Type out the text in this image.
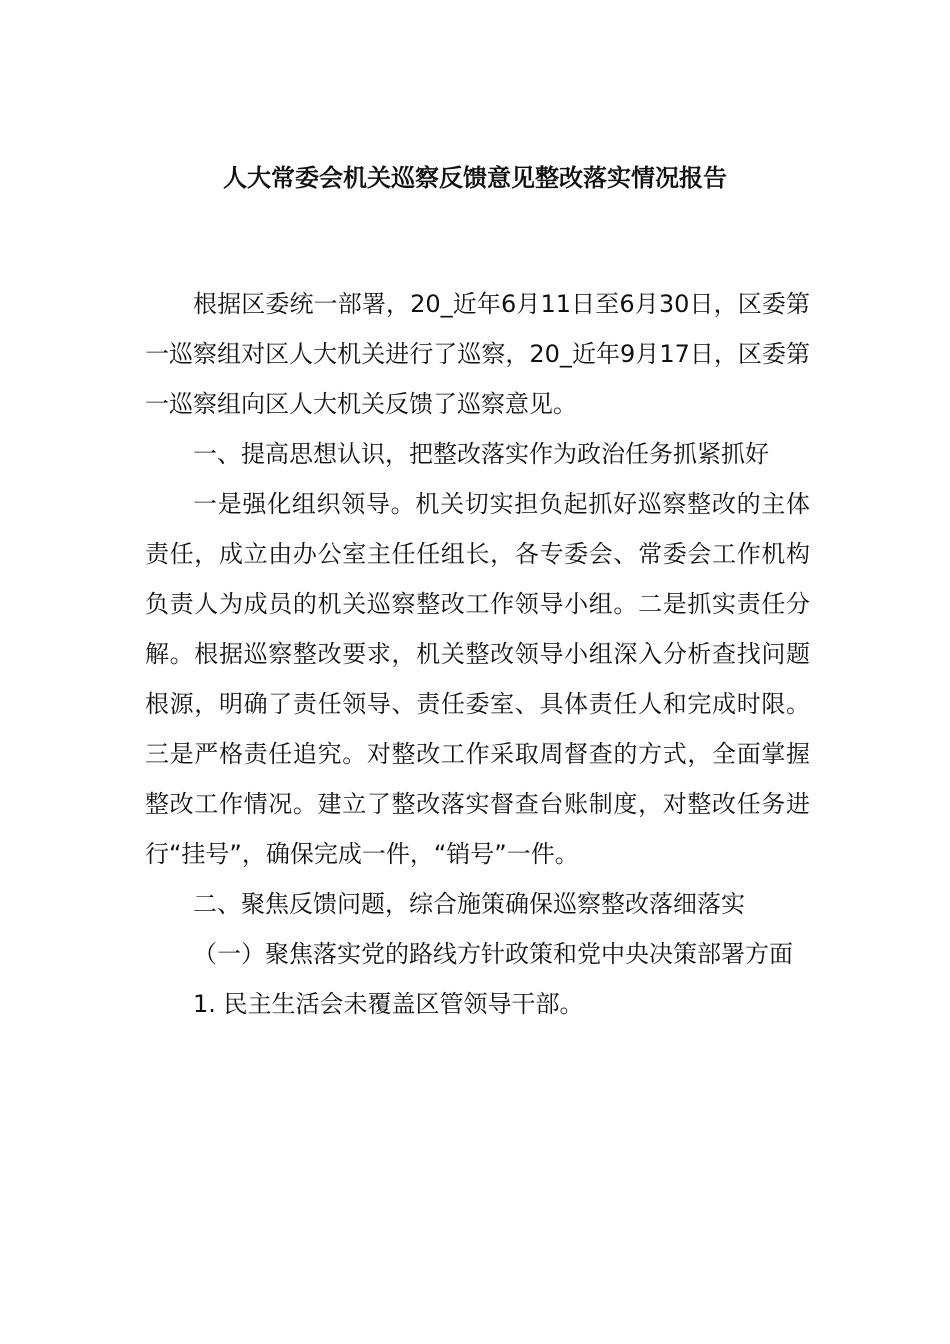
人大常委会机关巡察反馈意见整改落实情况报告

根据区委统一部署，20_近年6月11日至6月30日，区委第一巡察组对区人大机关进行了巡察，20_近年9月17日，区委第一巡察组向区人大机关反馈了巡察意见。

一、提高思想认识，把整改落实作为政治任务抓紧抓好

一是强化组织领导。机关切实担负起抓好巡察整改的主体责任，成立由办公室主任任组长，各专委会、常委会工作机构负责人为成员的机关巡察整改工作领导小组。二是抓实责任分解。根据巡察整改要求，机关整改领导小组深入分析查找问题根源，明确了责任领导、责任委室、具体责任人和完成时限。三是严格责任追究。对整改工作采取周督查的方式，全面掌握整改工作情况。建立了整改落实督查台账制度，对整改任务进行“挂号”，确保完成一件，“销号”一件。

二、聚焦反馈问题，综合施策确保巡察整改落细落实

（一）聚焦落实党的路线方针政策和党中央决策部署方面

1. 民主生活会未覆盖区管领导干部。
